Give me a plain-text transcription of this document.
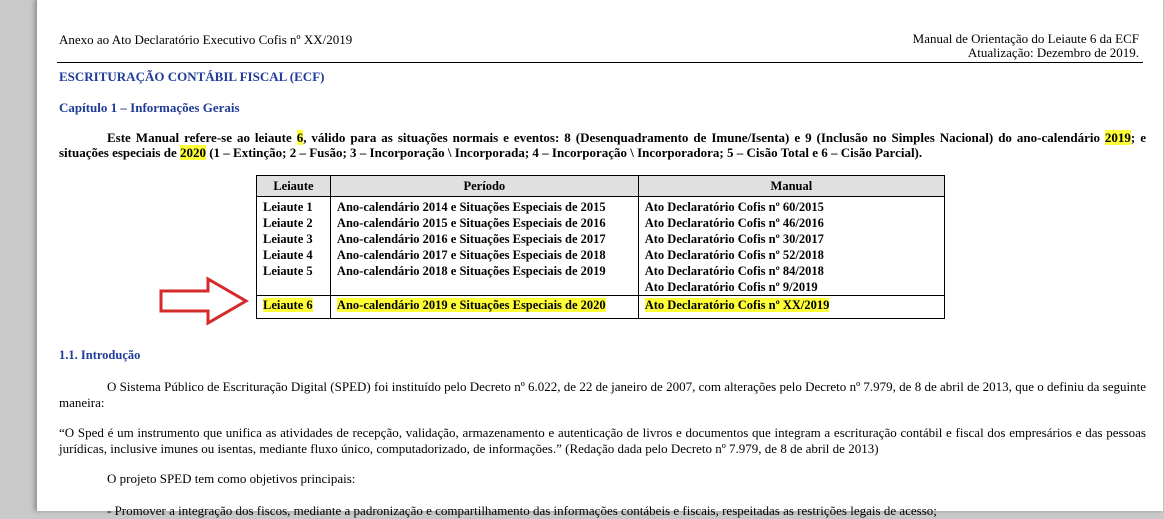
Anexo ao Ato Declaratório Executivo Cofis nº XX/2019	Manual de Orientação do Leiaute 6 da ECF
Atualização: Dezembro de 2019.
ESCRITURAÇÃO CONTÁBIL FISCAL (ECF)
Capítulo 1 – Informações Gerais
Este Manual refere-se ao leiaute 6, válido para as situações normais e eventos: 8 (Desenquadramento de Imune/Isenta) e 9 (Inclusão no Simples Nacional) do ano-calendário 2019; e situações especiais de 2020 (1 – Extinção; 2 – Fusão; 3 – Incorporação \ Incorporada; 4 – Incorporação \ Incorporadora; 5 – Cisão Total e 6 – Cisão Parcial).
Leiaute	Período	Manual
Leiaute 1	Ano-calendário 2014 e Situações Especiais de 2015	Ato Declaratório Cofis nº 60/2015
Leiaute 2	Ano-calendário 2015 e Situações Especiais de 2016	Ato Declaratório Cofis nº 46/2016
Leiaute 3	Ano-calendário 2016 e Situações Especiais de 2017	Ato Declaratório Cofis nº 30/2017
Leiaute 4	Ano-calendário 2017 e Situações Especiais de 2018	Ato Declaratório Cofis nº 52/2018
Leiaute 5	Ano-calendário 2018 e Situações Especiais de 2019	Ato Declaratório Cofis nº 84/2018
Ato Declaratório Cofis nº 9/2019

Leiaute 6	Ano-calendário 2019 e Situações Especiais de 2020	Ato Declaratório Cofis nº XX/2019
1.1. Introdução
O Sistema Público de Escrituração Digital (SPED) foi instituído pelo Decreto nº 6.022, de 22 de janeiro de 2007, com alterações pelo Decreto nº 7.979, de 8 de abril de 2013, que o definiu da seguinte maneira:
“O Sped é um instrumento que unifica as atividades de recepção, validação, armazenamento e autenticação de livros e documentos que integram a escrituração contábil e fiscal dos empresários e das pessoas jurídicas, inclusive imunes ou isentas, mediante fluxo único, computadorizado, de informações.” (Redação dada pelo Decreto nº 7.979, de 8 de abril de 2013)
O projeto SPED tem como objetivos principais:
- Promover a integração dos fiscos, mediante a padronização e compartilhamento das informações contábeis e fiscais, respeitadas as restrições legais de acesso;
